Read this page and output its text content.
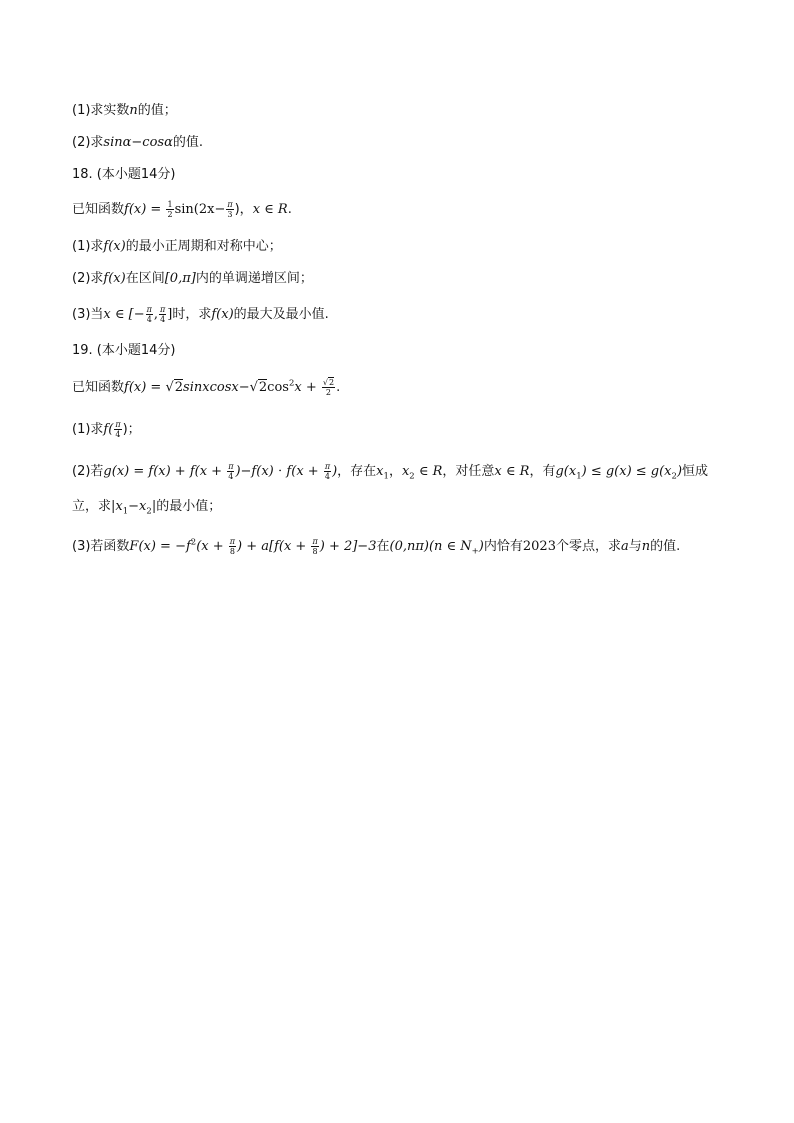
(1)求实数n的值；
(2)求sinα−cosα的值.
18. (本小题14分)
已知函数$f(x) = \frac{1}{2} \sin(2x- \frac{\pi}{3}$ )，x ∈ R.
(1)求f(x)的最小正周期和对称中心；
(2)求f(x)在区间[0,π]内的单调递增区间；
(3)当x ∈ [− $\frac{\pi}{4}$ , $\frac{\pi}{4}$ ]时，求f(x)的最大及最小值.
19. (本小题14分)
已知函数$f(x) = √2sinxcosx-√2\cos^2x + \frac{√2}{2}$ .
(1)求$f( \frac{\pi}{4}$ )；
(2)若$g(x) = f(x) + f(x + \frac{\pi}{4} )-f(x) \cdot f(x + \frac{\pi}{4}$ )，存在$x_1$，$x_2$ ∈ R，对任意x ∈ R，有$g(x_1) \le g(x) \le g(x_2)$恒成
立，求$|x_1-x_2|$的最小值；
(3)若函数$F(x) = -f^2(x + \frac{\pi}{8}$ ) + $a[f(x + \frac{\pi}{8}$ ) + 2]−3在(0,nπ)(n ∈ $N_+$)内恰有2023个零点，求a与n的值.
